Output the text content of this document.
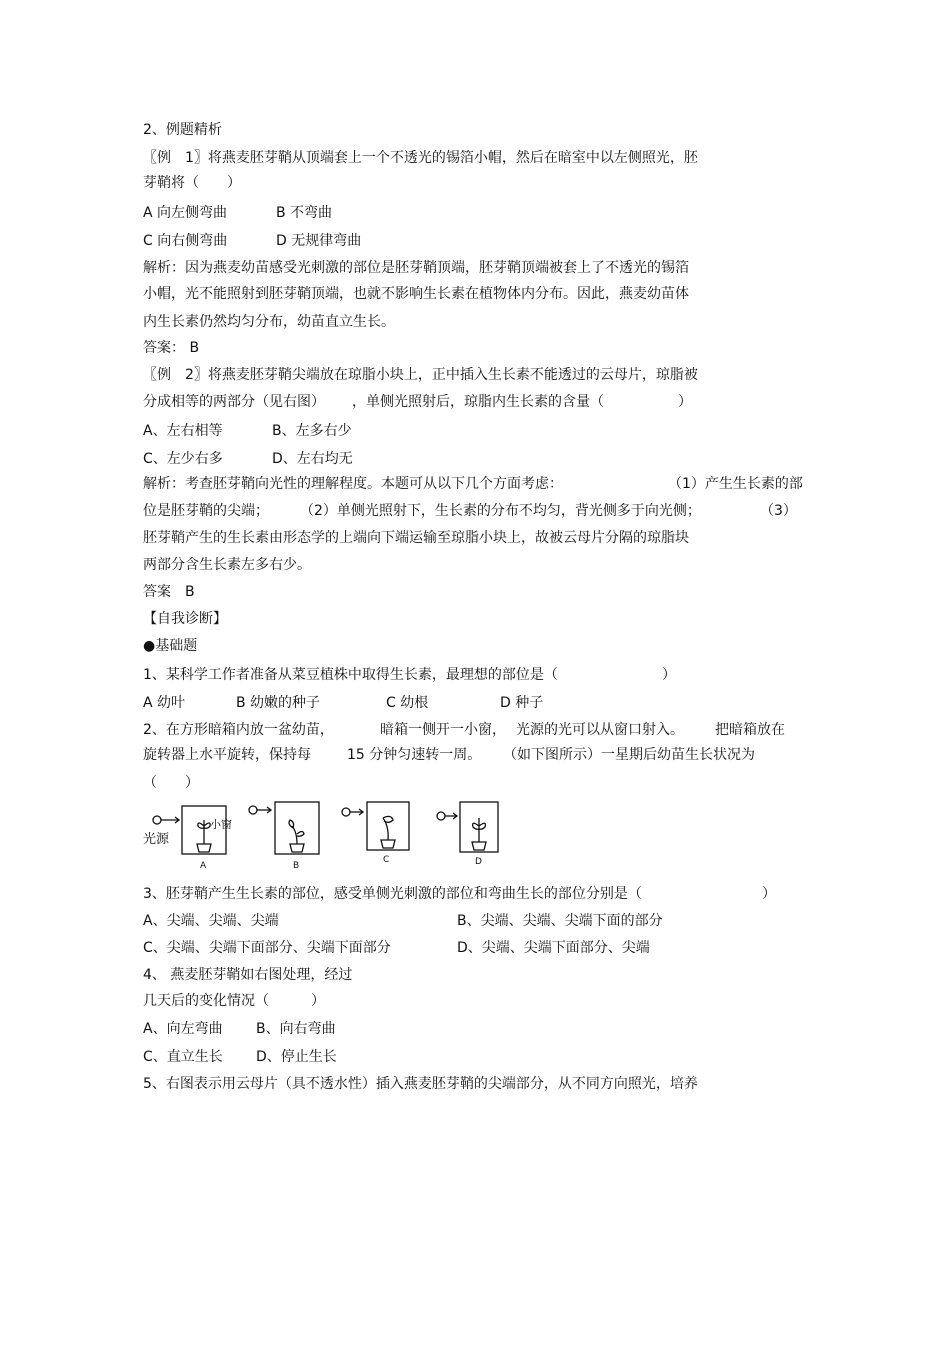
2、例题精析
〖例　1〗将燕麦胚芽鞘从顶端套上一个不透光的锡箔小帽，然后在暗室中以左侧照光，胚
芽鞘将（　　）
A 向左侧弯曲	B 不弯曲
C 向右侧弯曲	D 无规律弯曲
解析：因为燕麦幼苗感受光刺激的部位是胚芽鞘顶端，胚芽鞘顶端被套上了不透光的锡箔
小帽，光不能照射到胚芽鞘顶端，也就不影响生长素在植物体内分布。因此，燕麦幼苗体
内生长素仍然均匀分布，幼苗直立生长。
答案： B
〖例　2〗将燕麦胚芽鞘尖端放在琼脂小块上，正中插入生长素不能透过的云母片，琼脂被
分成相等的两部分（见右图） ，单侧光照射后，琼脂内生长素的含量（	）
A、左右相等	B、左多右少
C、左少右多	D、左右均无
解析：考查胚芽鞘向光性的理解程度。本题可从以下几个方面考虑：	（1）产生生长素的部
位是胚芽鞘的尖端； （2）单侧光照射下，生长素的分布不均匀，背光侧多于向光侧；	（3）
胚芽鞘产生的生长素由形态学的上端向下端运输至琼脂小块上，故被云母片分隔的琼脂块
两部分含生长素左多右少。
答案　B
【自我诊断】
●基础题
1、某科学工作者准备从菜豆植株中取得生长素，最理想的部位是（	）
A 幼叶	B 幼嫩的种子	C 幼根	D 种子
2、在方形暗箱内放一盆幼苗，	暗箱一侧开一小窗， 光源的光可以从窗口射入。 把暗箱放在
旋转器上水平旋转，保持每	15 分钟匀速转一周。 （如下图所示）一星期后幼苗生长状况为
（　　）
光源
小窗
A	B
C	D
3、胚芽鞘产生生长素的部位，感受单侧光刺激的部位和弯曲生长的部位分别是（	）
A、尖端、尖端、尖端	B、尖端、尖端、尖端下面的部分
C、尖端、尖端下面部分、尖端下面部分	D、尖端、尖端下面部分、尖端
4、 燕麦胚芽鞘如右图处理，经过
几天后的变化情况（　　　）
A、向左弯曲 B、向右弯曲
C、直立生长 D、停止生长
5、右图表示用云母片（具不透水性）插入燕麦胚芽鞘的尖端部分，从不同方向照光，培养
